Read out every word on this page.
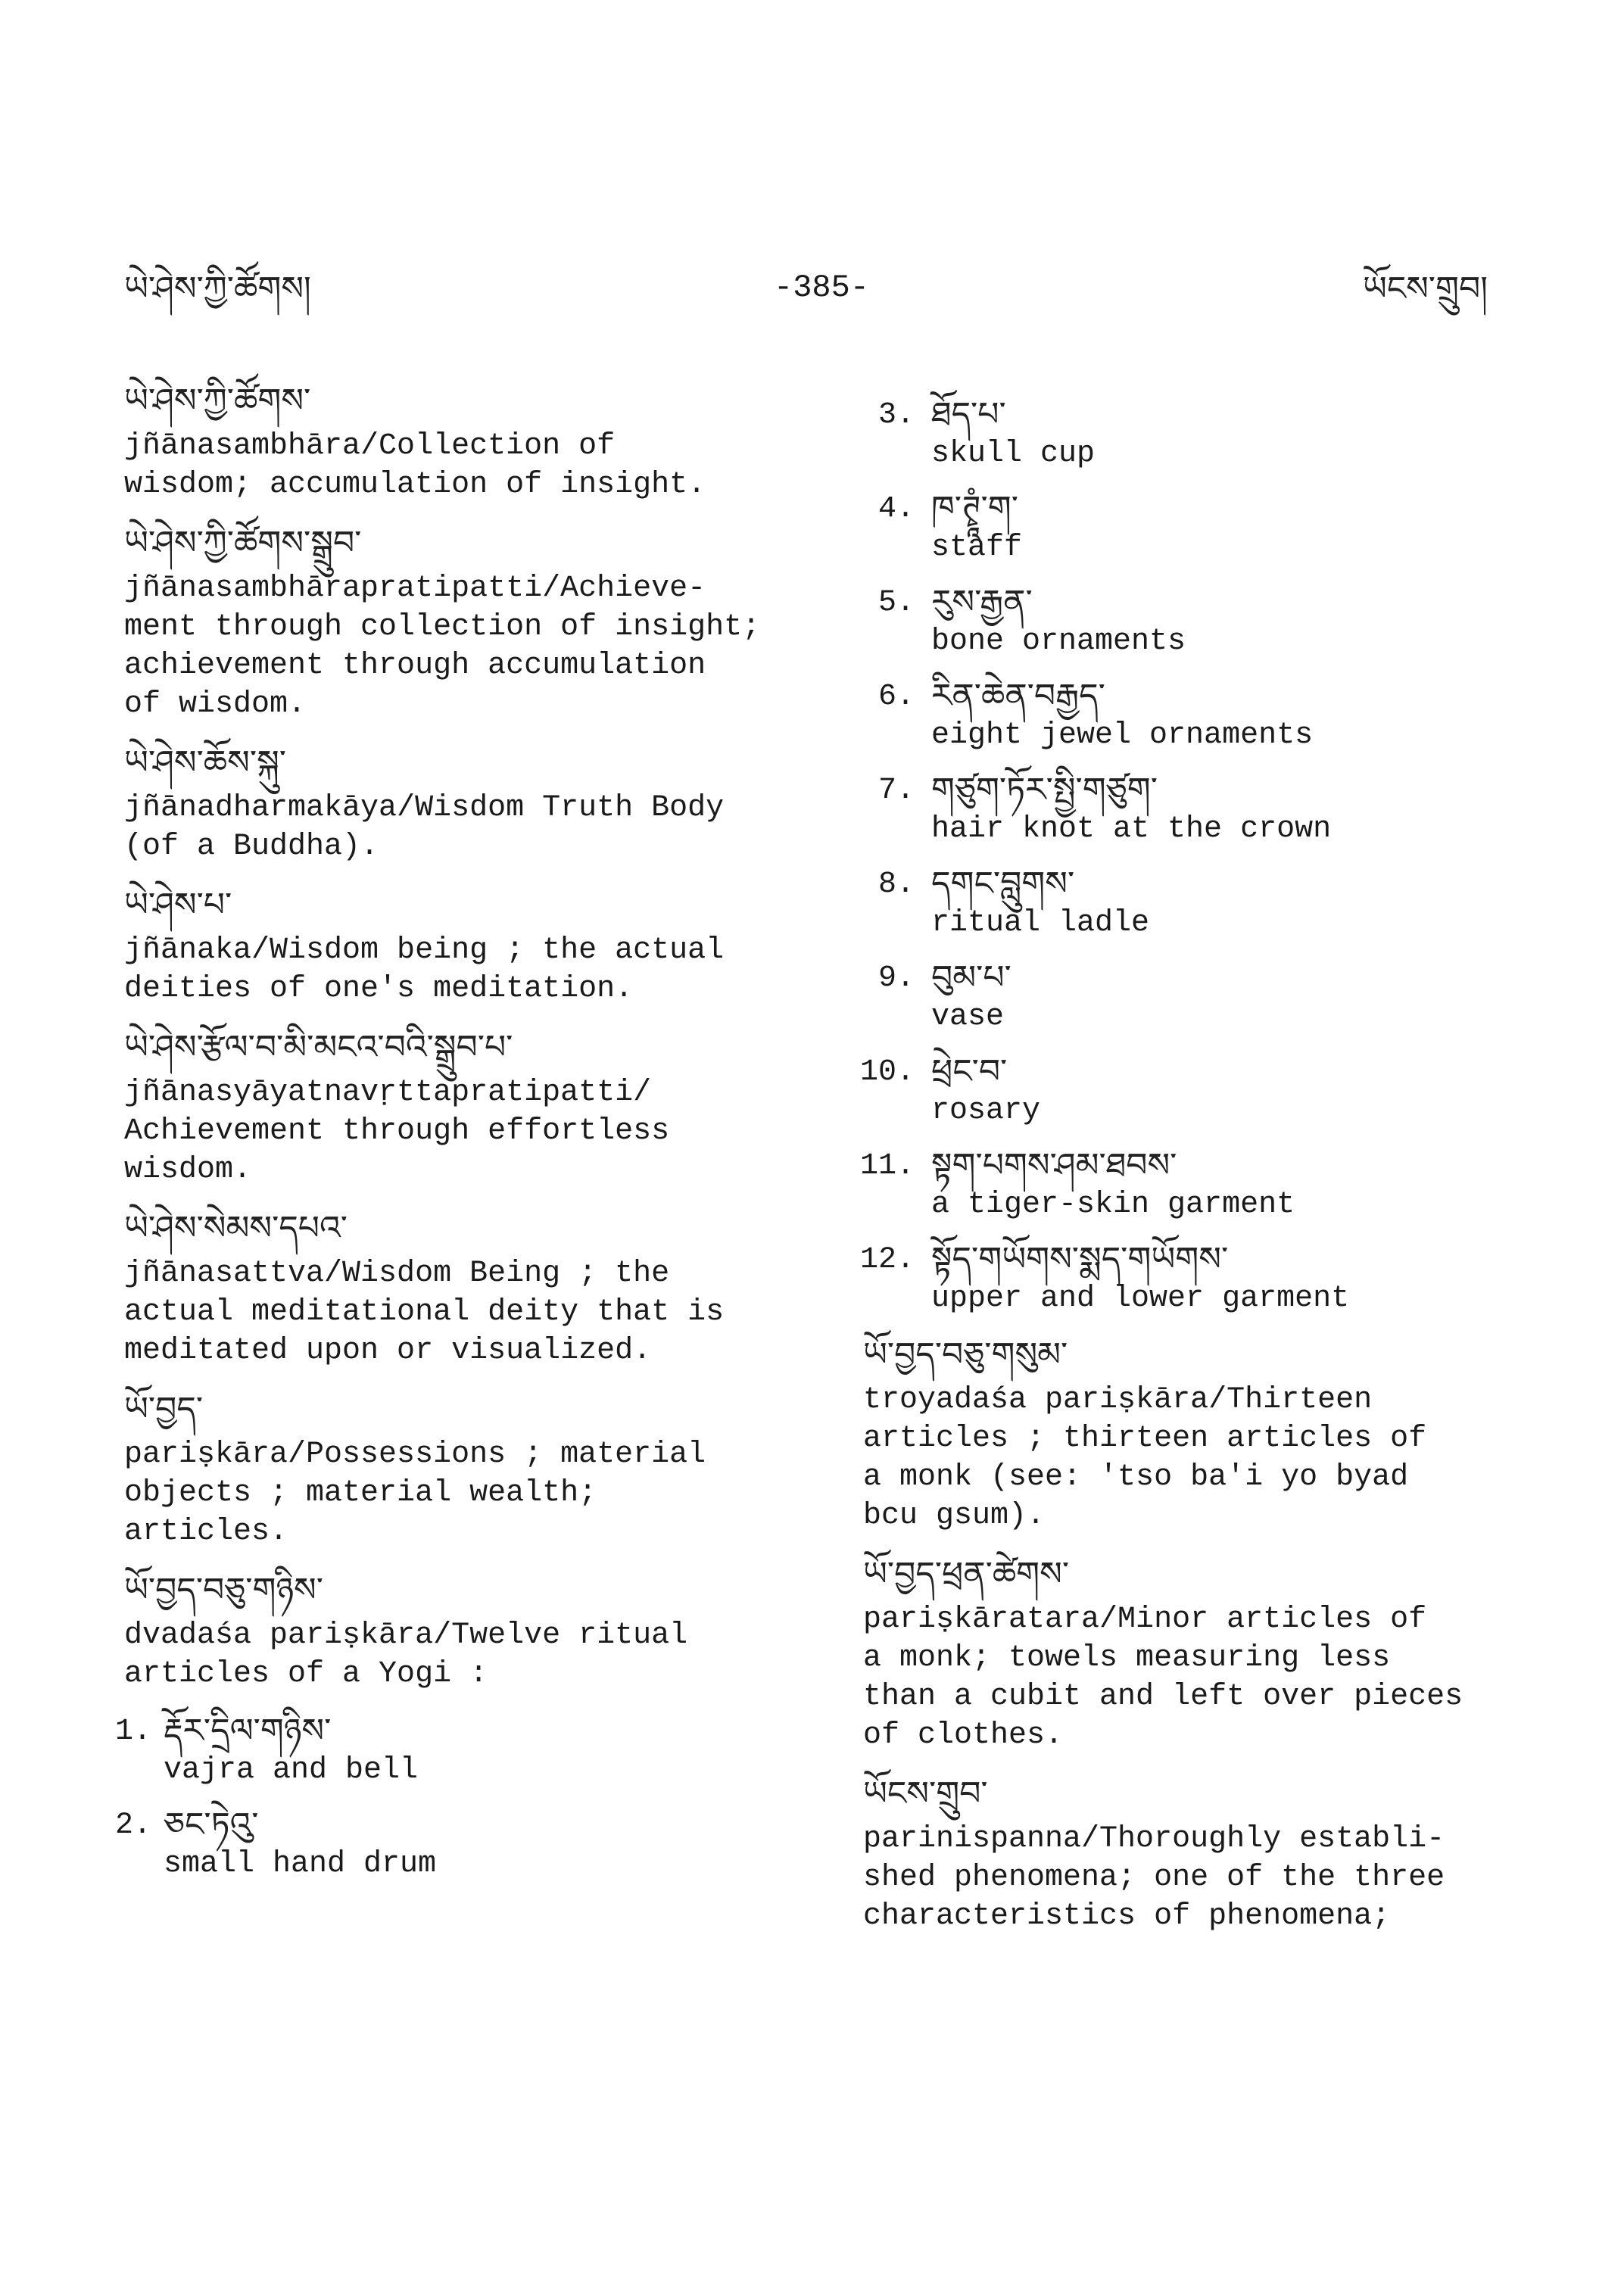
ཡེ་ཤེས་ཀྱི་ཚོགས།	-385-	ཡོངས་གྲུབ།
ཡེ་ཤེས་ཀྱི་ཚོགས་

jñānasambhāra/Collection of
wisdom; accumulation of insight.

ཡེ་ཤེས་ཀྱི་ཚོགས་སྒྲུབ་

jñānasambhārapratipatti/Achieve-
ment through collection of insight;
achievement through accumulation
of wisdom.

ཡེ་ཤེས་ཆོས་སྐུ་

jñānadharmakāya/Wisdom Truth Body
(of a Buddha).

ཡེ་ཤེས་པ་

jñānaka/Wisdom being ; the actual
deities of one's meditation.

ཡེ་ཤེས་རྩོལ་བ་མི་མངའ་བའི་སྒྲུབ་པ་

jñānasyāyatnavṛttapratipatti/
Achievement through effortless
wisdom.

ཡེ་ཤེས་སེམས་དཔའ་

jñānasattva/Wisdom Being ; the
actual meditational deity that is
meditated upon or visualized.

ཡོ་བྱད་

pariṣkāra/Possessions ; material
objects ; material wealth;
articles.

ཡོ་བྱད་བཅུ་གཉིས་

dvadaśa pariṣkāra/Twelve ritual
articles of a Yogi :

1. རྡོར་དྲིལ་གཉིས་

vajra and bell

2. ཅང་ཏེའུ་

small hand drum

3. ཐོད་པ་

skull cup

4. ཁ་ཊྭཱཾ་ག་

staff

5. རུས་རྒྱན་

bone ornaments

6. རིན་ཆེན་བརྒྱད་

eight jewel ornaments

7. གཙུག་ཏོར་སྤྱི་གཙུག་

hair knot at the crown

8. དགང་བླུགས་

ritual ladle

9. བུམ་པ་

vase

10. ཕྲེང་བ་

rosary

11. སྟག་པགས་ཤམ་ཐབས་

a tiger-skin garment

12. སྟོད་གཡོགས་སྨད་གཡོགས་

upper and lower garment

ཡོ་བྱད་བཅུ་གསུམ་

troyadaśa pariṣkāra/Thirteen
articles ; thirteen articles of
a monk (see: 'tso ba'i yo byad
bcu gsum).

ཡོ་བྱད་ཕྲན་ཚེགས་

pariṣkāratara/Minor articles of
a monk; towels measuring less
than a cubit and left over pieces
of clothes.

ཡོངས་གྲུབ་

parinispanna/Thoroughly establi-
shed phenomena; one of the three
characteristics of phenomena;
